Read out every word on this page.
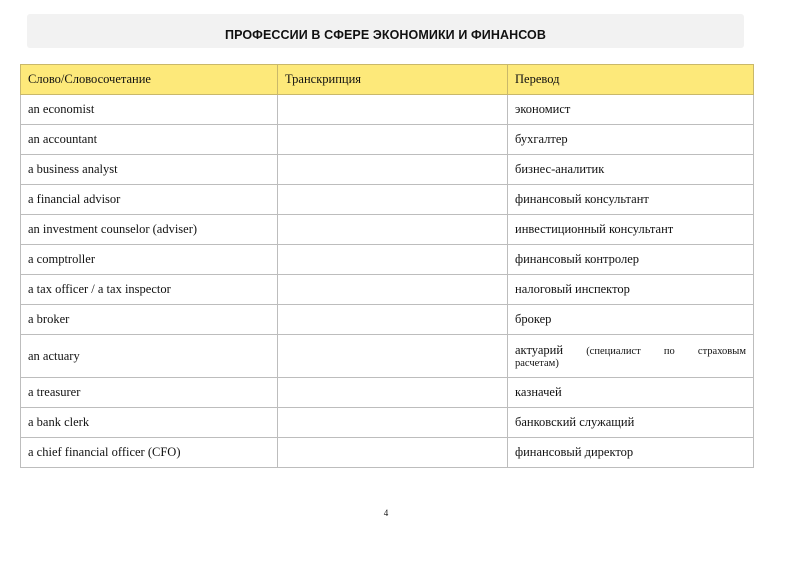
ПРОФЕССИИ В СФЕРЕ ЭКОНОМИКИ И ФИНАНСОВ
Слово/Словосочетание	Транскрипция	Перевод
an economist		экономист
an accountant		бухгалтер
a business analyst		бизнес-аналитик
a financial advisor		финансовый консультант
an investment counselor (adviser)		инвестиционный консультант
a comptroller		финансовый контролер
a tax officer / a tax inspector		налоговый инспектор
a broker		брокер
an actuary		актуарий (специалист по страховым
расчетам)

a treasurer		казначей
a bank clerk		банковский служащий
a chief financial officer (CFO)		финансовый директор
4
